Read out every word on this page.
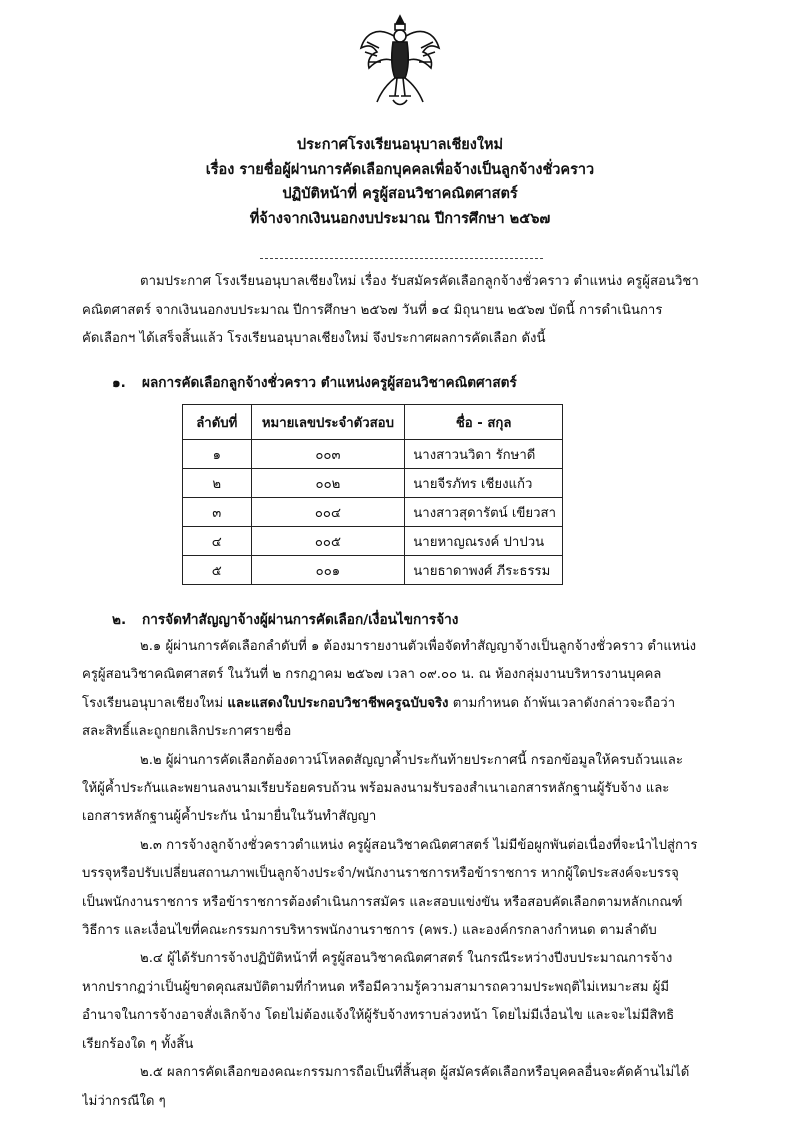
ประกาศโรงเรียนอนุบาลเชียงใหม่
เรื่อง รายชื่อผู้ผ่านการคัดเลือกบุคคลเพื่อจ้างเป็นลูกจ้างชั่วคราว
ปฏิบัติหน้าที่ ครูผู้สอนวิชาคณิตศาสตร์
ที่จ้างจากเงินนอกงบประมาณ ปีการศึกษา ๒๕๖๗
ตามประกาศ โรงเรียนอนุบาลเชียงใหม่ เรื่อง รับสมัครคัดเลือกลูกจ้างชั่วคราว ตำแหน่ง ครูผู้สอนวิชา
คณิตศาสตร์ จากเงินนอกงบประมาณ ปีการศึกษา ๒๕๖๗ วันที่ ๑๔ มิถุนายน ๒๕๖๗ บัดนี้ การดำเนินการ
คัดเลือกฯ ได้เสร็จสิ้นแล้ว โรงเรียนอนุบาลเชียงใหม่ จึงประกาศผลการคัดเลือก ดังนี้
๑. ผลการคัดเลือกลูกจ้างชั่วคราว ตำแหน่งครูผู้สอนวิชาคณิตศาสตร์
ลำดับที่	หมายเลขประจำตัวสอบ	ชื่อ - สกุล
๑	๐๐๓	นางสาวนวิดา รักษาดี
๒	๐๐๒	นายจีรภัทร เชียงแก้ว
๓	๐๐๔	นางสาวสุดารัตน์ เขียวสา
๔	๐๐๕	นายหาญณรงค์ ปาปวน
๕	๐๐๑	นายธาดาพงศ์ ภีระธรรม
๒. การจัดทำสัญญาจ้างผู้ผ่านการคัดเลือก/เงื่อนไขการจ้าง
๒.๑ ผู้ผ่านการคัดเลือกลำดับที่ ๑ ต้องมารายงานตัวเพื่อจัดทำสัญญาจ้างเป็นลูกจ้างชั่วคราว ตำแหน่ง
ครูผู้สอนวิชาคณิตศาสตร์ ในวันที่ ๒ กรกฎาคม ๒๕๖๗ เวลา ๐๙.๐๐ น. ณ ห้องกลุ่มงานบริหารงานบุคคล
โรงเรียนอนุบาลเชียงใหม่ และแสดงใบประกอบวิชาชีพครูฉบับจริง ตามกำหนด ถ้าพ้นเวลาดังกล่าวจะถือว่า
สละสิทธิ์และถูกยกเลิกประกาศรายชื่อ
๒.๒ ผู้ผ่านการคัดเลือกต้องดาวน์โหลดสัญญาค้ำประกันท้ายประกาศนี้ กรอกข้อมูลให้ครบถ้วนและ
ให้ผู้ค้ำประกันและพยานลงนามเรียบร้อยครบถ้วน พร้อมลงนามรับรองสำเนาเอกสารหลักฐานผู้รับจ้าง และ
เอกสารหลักฐานผู้ค้ำประกัน นำมายื่นในวันทำสัญญา
๒.๓ การจ้างลูกจ้างชั่วคราวตำแหน่ง ครูผู้สอนวิชาคณิตศาสตร์ ไม่มีข้อผูกพันต่อเนื่องที่จะนำไปสู่การ
บรรจุหรือปรับเปลี่ยนสถานภาพเป็นลูกจ้างประจำ/พนักงานราชการหรือข้าราชการ หากผู้ใดประสงค์จะบรรจุ
เป็นพนักงานราชการ หรือข้าราชการต้องดำเนินการสมัคร และสอบแข่งขัน หรือสอบคัดเลือกตามหลักเกณฑ์
วิธีการ และเงื่อนไขที่คณะกรรมการบริหารพนักงานราชการ (คพร.) และองค์กรกลางกำหนด ตามลำดับ
๒.๔ ผู้ได้รับการจ้างปฏิบัติหน้าที่ ครูผู้สอนวิชาคณิตศาสตร์ ในกรณีระหว่างปีงบประมาณการจ้าง
หากปรากฏว่าเป็นผู้ขาดคุณสมบัติตามที่กำหนด หรือมีความรู้ความสามารถความประพฤติไม่เหมาะสม ผู้มี
อำนาจในการจ้างอาจสั่งเลิกจ้าง โดยไม่ต้องแจ้งให้ผู้รับจ้างทราบล่วงหน้า โดยไม่มีเงื่อนไข และจะไม่มีสิทธิ
เรียกร้องใด ๆ ทั้งสิ้น
๒.๕ ผลการคัดเลือกของคณะกรรมการถือเป็นที่สิ้นสุด ผู้สมัครคัดเลือกหรือบุคคลอื่นจะคัดค้านไม่ได้
ไม่ว่ากรณีใด ๆ
